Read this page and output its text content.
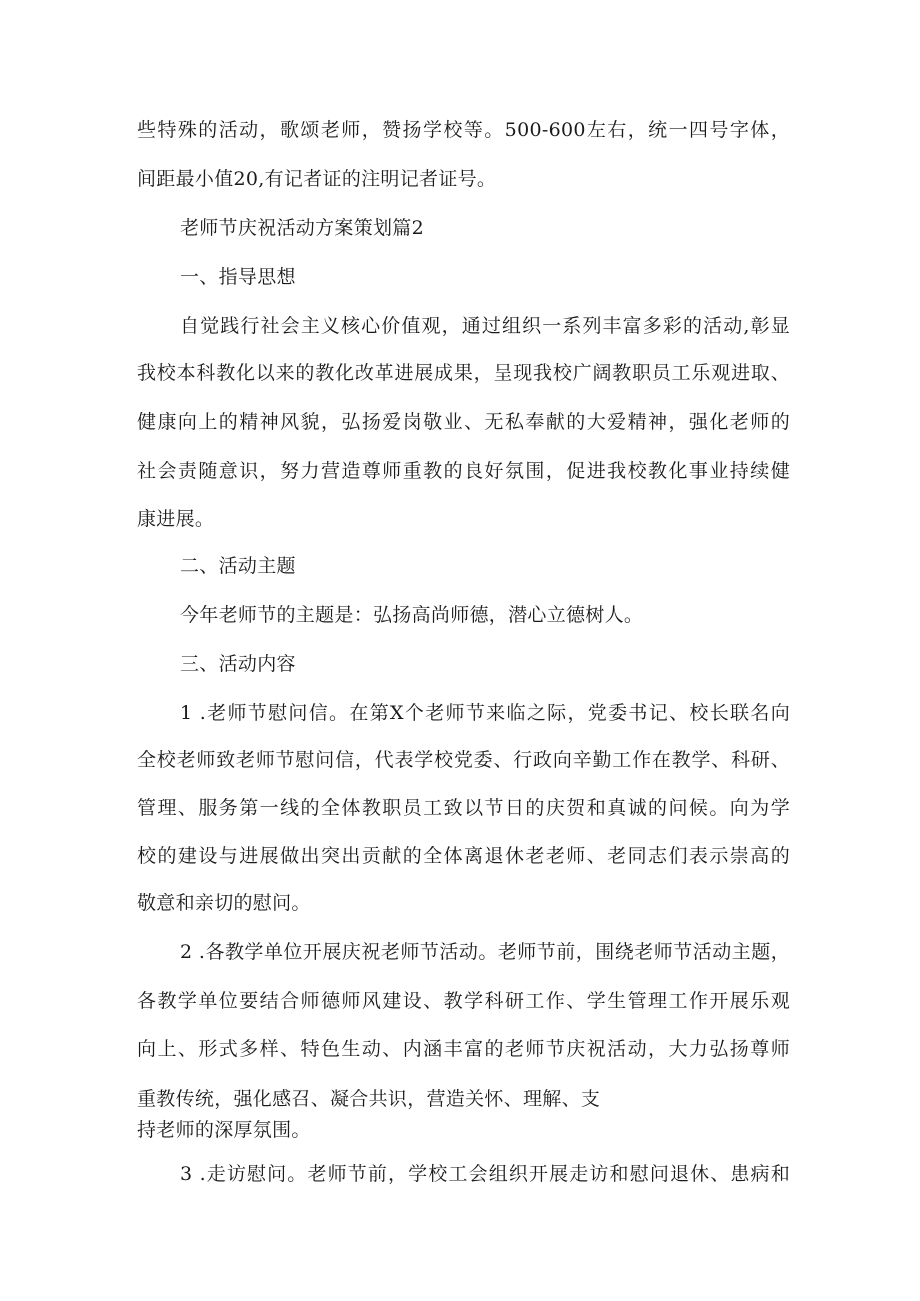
些特殊的活动，歌颂老师，赞扬学校等。500-600左右，统一四号字体，
间距最小值20,有记者证的注明记者证号。
老师节庆祝活动方案策划篇2
一、指导思想
自觉践行社会主义核心价值观，通过组织一系列丰富多彩的活动,彰显
我校本科教化以来的教化改革进展成果，呈现我校广阔教职员工乐观进取、
健康向上的精神风貌，弘扬爱岗敬业、无私奉献的大爱精神，强化老师的
社会责随意识，努力营造尊师重教的良好氛围，促进我校教化事业持续健
康进展。
二、活动主题
今年老师节的主题是：弘扬高尚师德，潜心立德树人。
三、活动内容
1 .老师节慰问信。在第X个老师节来临之际，党委书记、校长联名向
全校老师致老师节慰问信，代表学校党委、行政向辛勤工作在教学、科研、
管理、服务第一线的全体教职员工致以节日的庆贺和真诚的问候。向为学
校的建设与进展做出突出贡献的全体离退休老老师、老同志们表示崇高的
敬意和亲切的慰问。
2 .各教学单位开展庆祝老师节活动。老师节前，围绕老师节活动主题，
各教学单位要结合师德师风建设、教学科研工作、学生管理工作开展乐观
向上、形式多样、特色生动、内涵丰富的老师节庆祝活动，大力弘扬尊师
重教传统，强化感召、凝合共识，营造关怀、理解、支
持老师的深厚氛围。
3 .走访慰问。老师节前，学校工会组织开展走访和慰问退休、患病和
